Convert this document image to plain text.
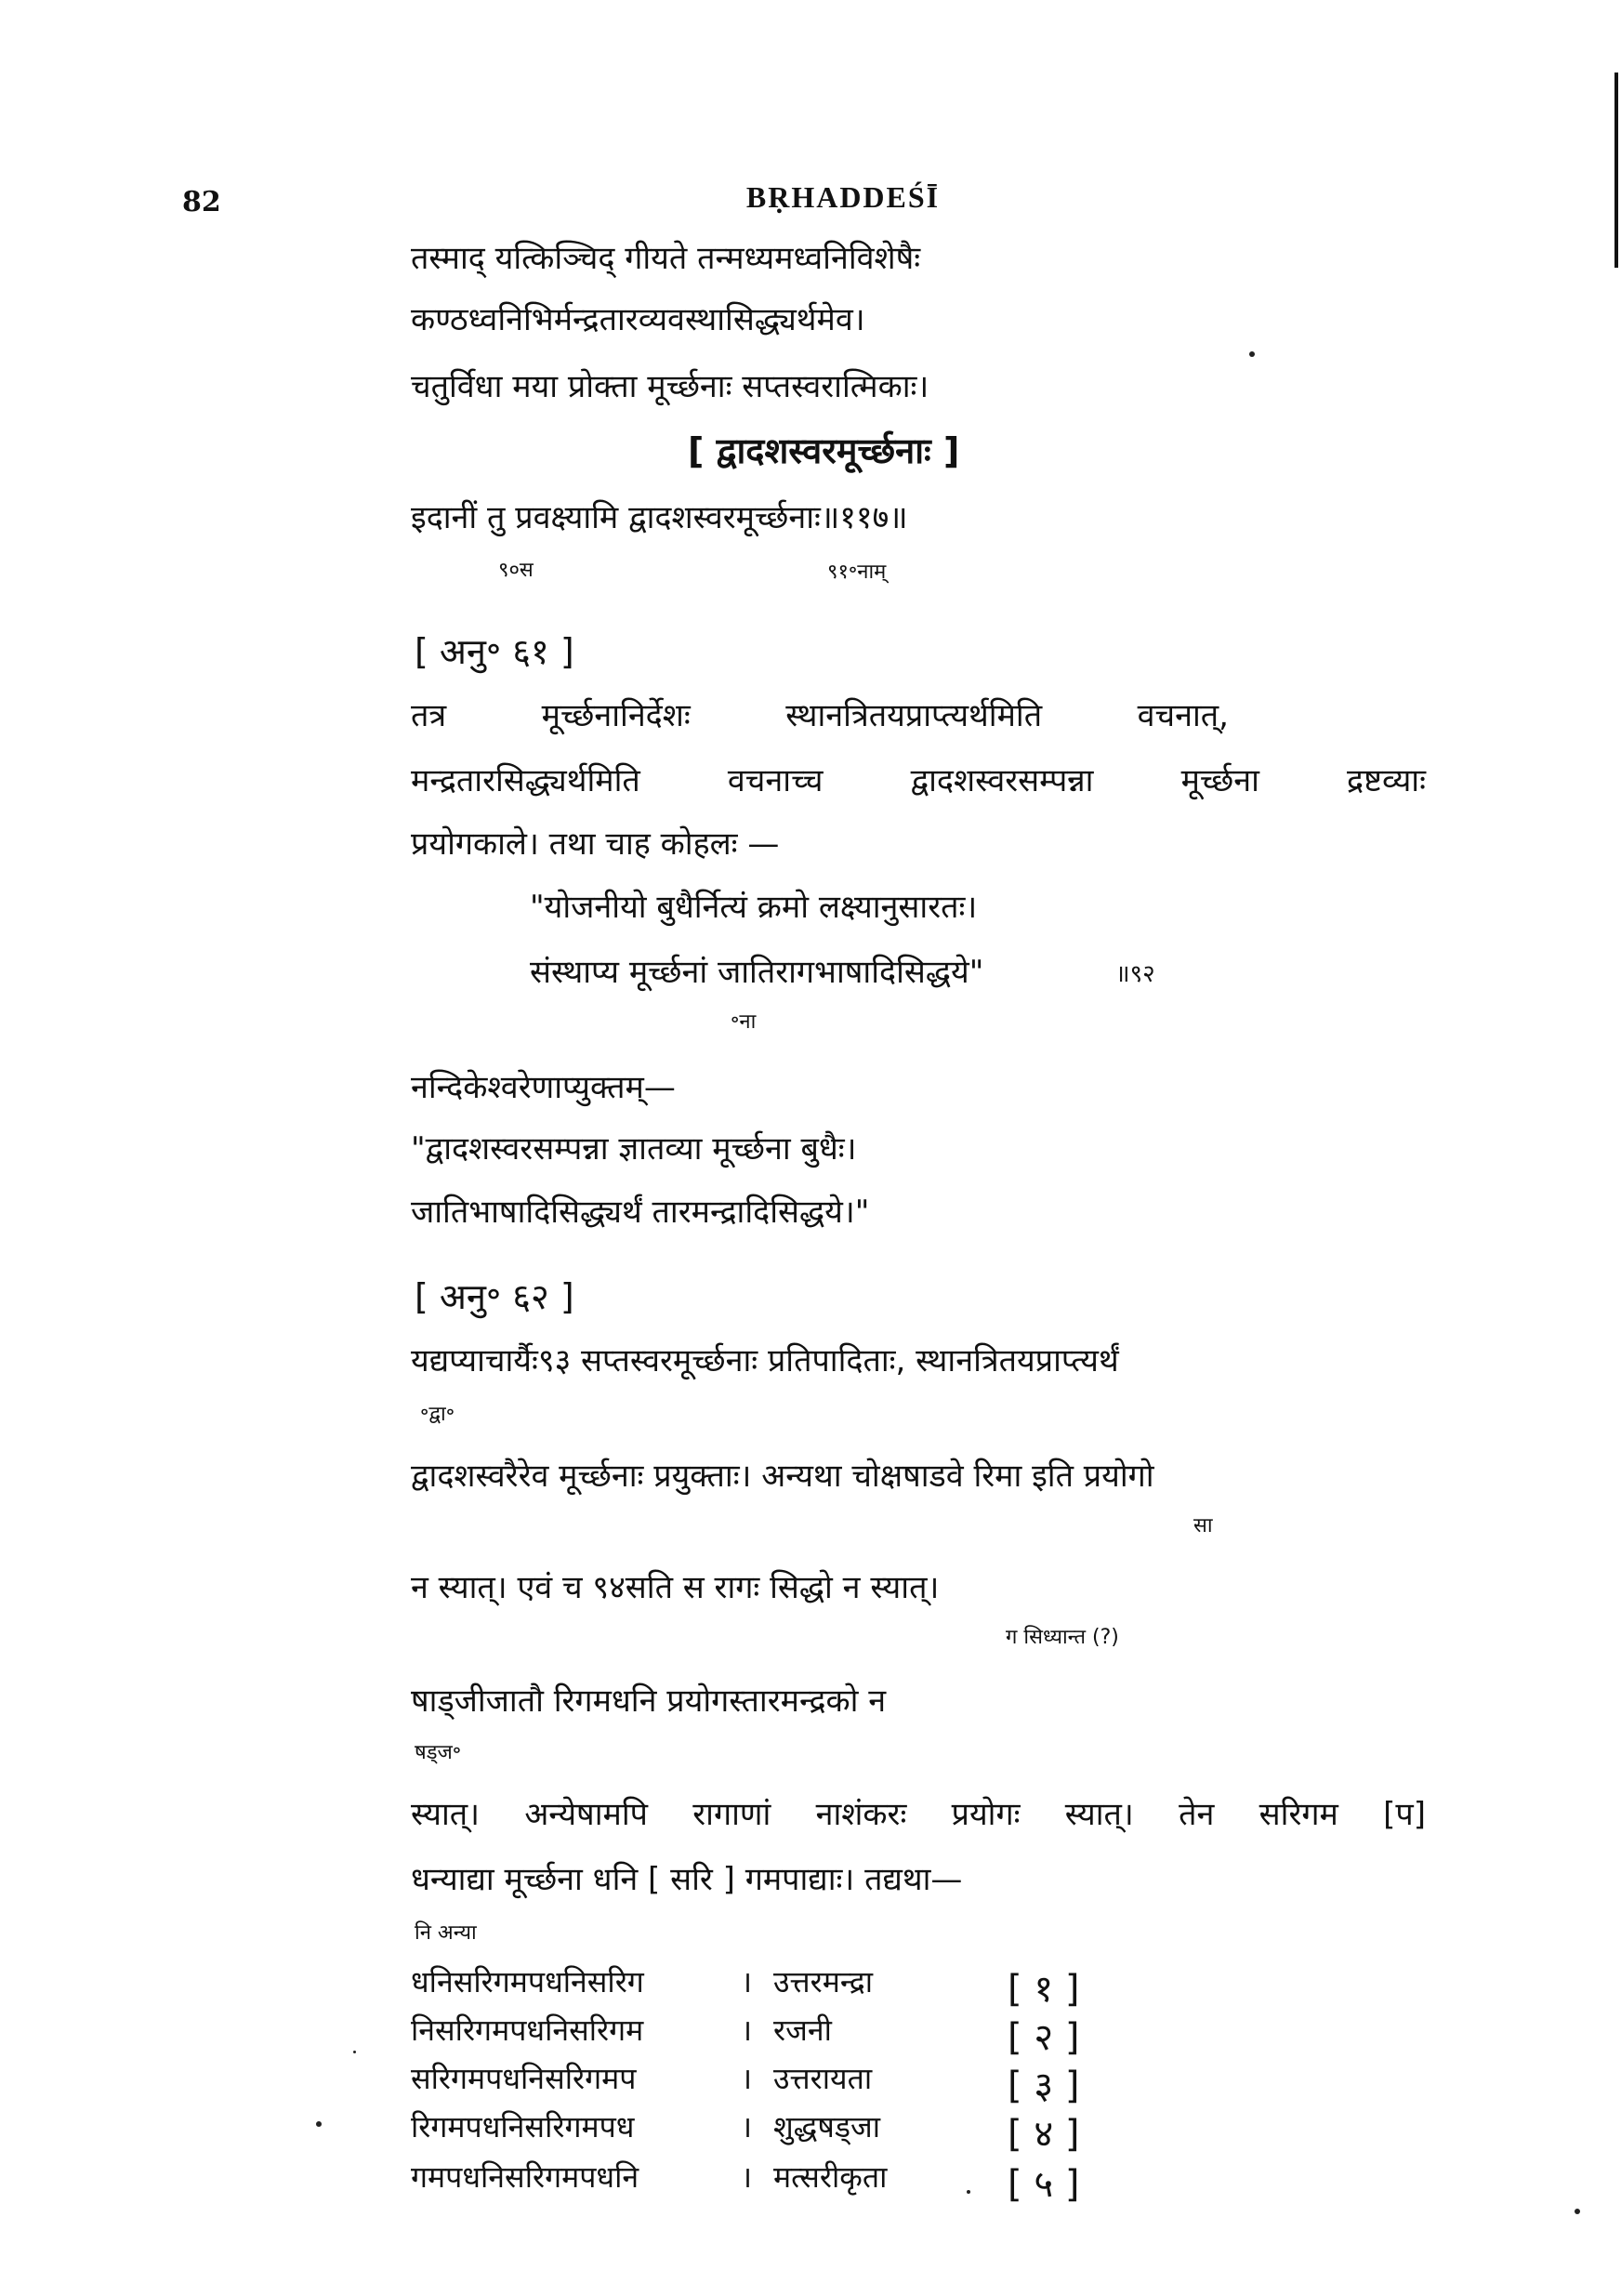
82	BṚHADDEŚĪ
तस्माद् यत्किञ्चिद् गीयते तन्मध्यमध्वनिविशेषैः
कण्ठध्वनिभिर्मन्द्रतारव्यवस्थासिद्ध्यर्थमेव।
चतुर्विधा मया प्रोक्ता मूर्च्छनाः सप्तस्वरात्मिकाः।
[ द्वादशस्वरमूर्च्छनाः ]
इदानीं तु प्रवक्ष्यामि द्वादशस्वरमूर्च्छनाः॥११७॥
९०स	९१॰नाम्
[ अनु॰ ६१ ]
तत्र	मूर्च्छनानिर्देशः	स्थानत्रितयप्राप्त्यर्थमिति	वचनात्,
मन्द्रतारसिद्ध्यर्थमिति	वचनाच्च	द्वादशस्वरसम्पन्ना	मूर्च्छना	द्रष्टव्याः
प्रयोगकाले। तथा चाह कोहलः —
"योजनीयो बुधैर्नित्यं क्रमो लक्ष्यानुसारतः।
संस्थाप्य मूर्च्छनां जातिरागभाषादिसिद्धये"	॥९२
॰ना
नन्दिकेश्वरेणाप्युक्तम्—
"द्वादशस्वरसम्पन्ना ज्ञातव्या मूर्च्छना बुधैः।
जातिभाषादिसिद्ध्यर्थं तारमन्द्रादिसिद्धये।"
[ अनु॰ ६२ ]
यद्यप्याचार्यैः९३ सप्तस्वरमूर्च्छनाः प्रतिपादिताः, स्थानत्रितयप्राप्त्यर्थं
॰द्वा॰
द्वादशस्वरैरेव मूर्च्छनाः प्रयुक्ताः। अन्यथा चोक्षषाडवे रिमा इति प्रयोगो
सा
न स्यात्। एवं च ९४सति स रागः सिद्धो न स्यात्।
ग सिध्यान्त (?)
षाड्जीजातौ रिगमधनि प्रयोगस्तारमन्द्रको न
षड्ज॰
स्यात्। अन्येषामपि रागाणां नाशंकरः प्रयोगः स्यात्। तेन सरिगम [प]
धन्याद्या मूर्च्छना धनि [ सरि ] गमपाद्याः। तद्यथा—
नि अन्या
धनिसरिगमपधनिसरिग	। उत्तरमन्द्रा	[ १ ]
निसरिगमपधनिसरिगम	। रजनी	[ २ ]
सरिगमपधनिसरिगमप	। उत्तरायता	[ ३ ]
रिगमपधनिसरिगमपध	। शुद्धषड्जा	[ ४ ]
गमपधनिसरिगमपधनि	। मत्सरीकृता	[ ५ ]
